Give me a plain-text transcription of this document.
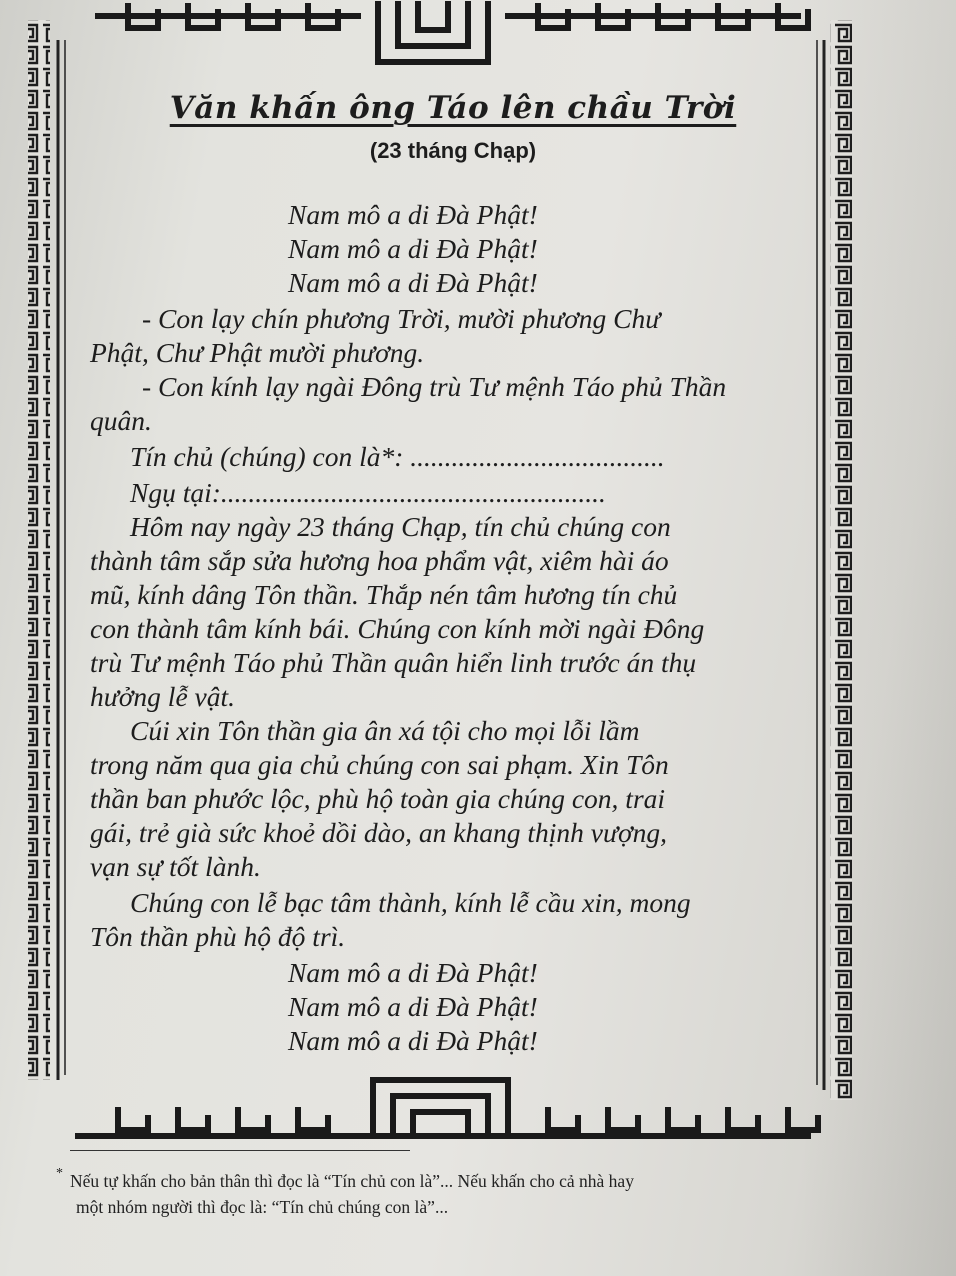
Văn khấn ông Táo lên chầu Trời
(23 tháng Chạp)
Nam mô a di Đà Phật!
Nam mô a di Đà Phật!
Nam mô a di Đà Phật!
- Con lạy chín phương Trời, mười phương Chư
Phật, Chư Phật mười phương.
- Con kính lạy ngài Đông trù Tư mệnh Táo phủ Thần
quân.
Tín chủ (chúng) con là*: .....................................
Ngụ tại:........................................................
Hôm nay ngày 23 tháng Chạp, tín chủ chúng con
thành tâm sắp sửa hương hoa phẩm vật, xiêm hài áo
mũ, kính dâng Tôn thần. Thắp nén tâm hương tín chủ
con thành tâm kính bái. Chúng con kính mời ngài Đông
trù Tư mệnh Táo phủ Thần quân hiển linh trước án thụ
hưởng lễ vật.
Cúi xin Tôn thần gia ân xá tội cho mọi lỗi lầm
trong năm qua gia chủ chúng con sai phạm. Xin Tôn
thần ban phước lộc, phù hộ toàn gia chúng con, trai
gái, trẻ già sức khoẻ dồi dào, an khang thịnh vượng,
vạn sự tốt lành.
Chúng con lễ bạc tâm thành, kính lễ cầu xin, mong
Tôn thần phù hộ độ trì.
Nam mô a di Đà Phật!
Nam mô a di Đà Phật!
Nam mô a di Đà Phật!
* Nếu tự khấn cho bản thân thì đọc là “Tín chủ con là”... Nếu khấn cho cả nhà hay
một nhóm người thì đọc là: “Tín chủ chúng con là”...
